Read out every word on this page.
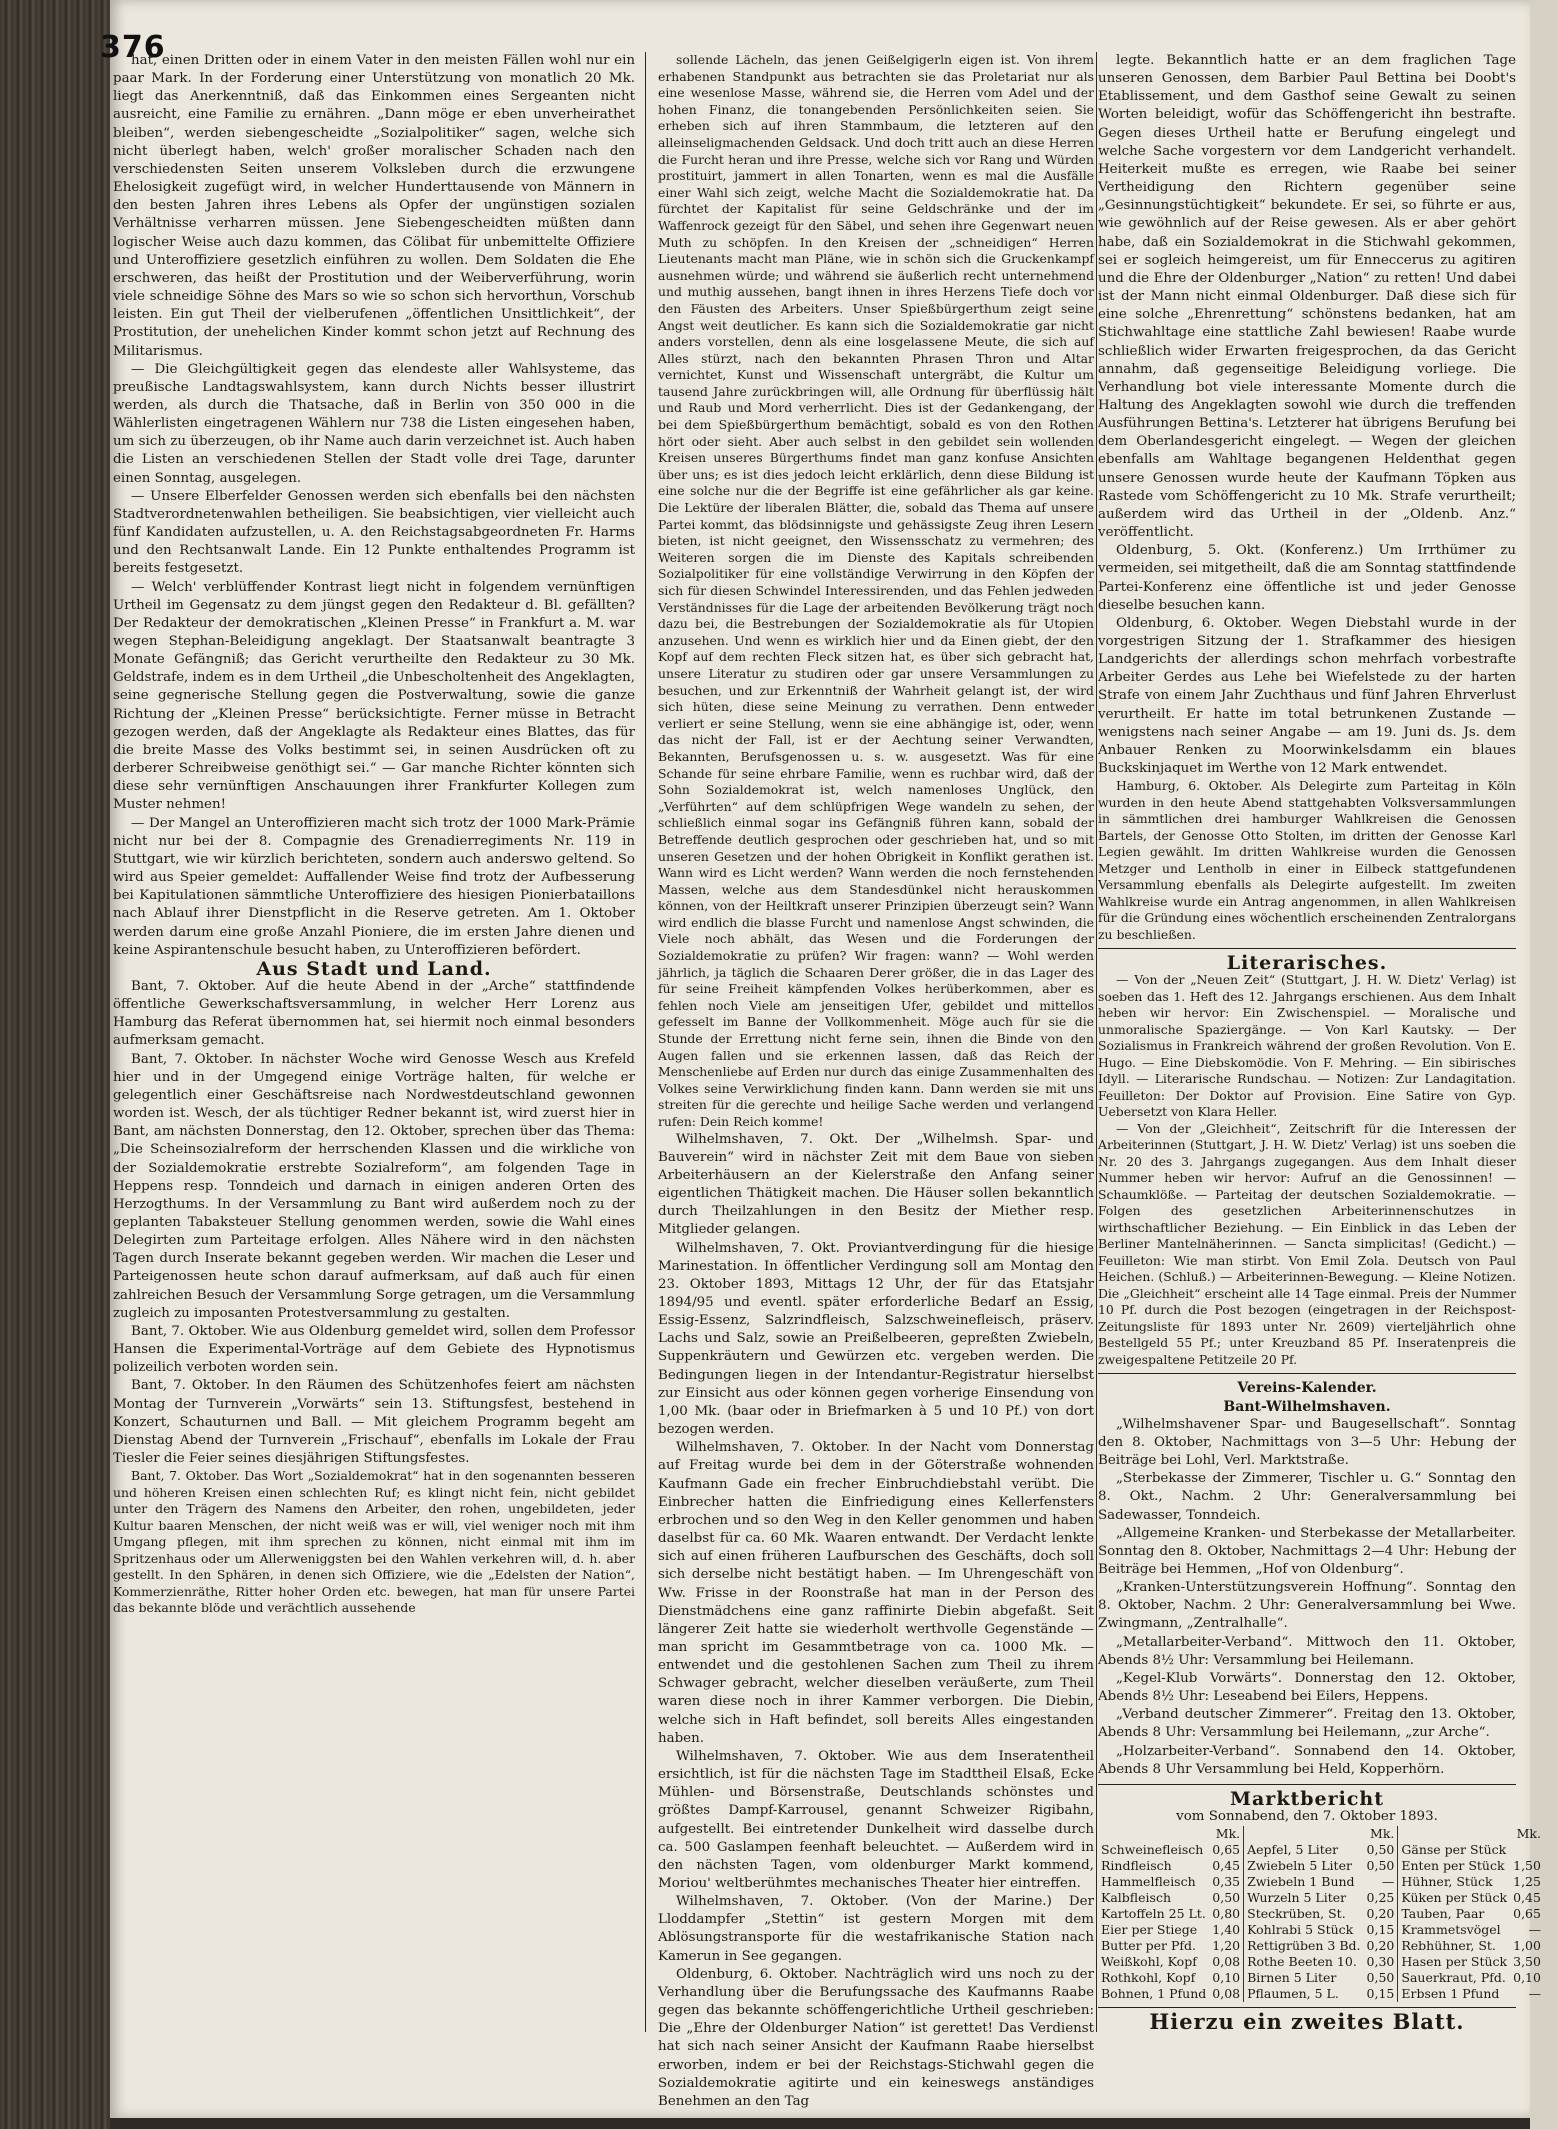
376

hat, einen Dritten oder in einem Vater in den meisten Fällen wohl nur ein paar Mark. In der Forderung einer Unterstützung von monatlich 20 Mk. liegt das Anerkenntniß, daß das Einkommen eines Sergeanten nicht ausreicht, eine Familie zu ernähren. „Dann möge er eben unverheirathet bleiben“, werden siebengescheidte „Sozialpolitiker“ sagen, welche sich nicht überlegt haben, welch' großer moralischer Schaden nach den verschiedensten Seiten unserem Volksleben durch die erzwungene Ehelosigkeit zugefügt wird, in welcher Hunderttausende von Männern in den besten Jahren ihres Lebens als Opfer der ungünstigen sozialen Verhältnisse verharren müssen. Jene Siebengescheidten müßten dann logischer Weise auch dazu kommen, das Cölibat für unbemittelte Offiziere und Unteroffiziere gesetzlich einführen zu wollen. Dem Soldaten die Ehe erschweren, das heißt der Prostitution und der Weiberverführung, worin viele schneidige Söhne des Mars so wie so schon sich hervorthun, Vorschub leisten. Ein gut Theil der vielberufenen „öffentlichen Unsittlichkeit“, der Prostitution, der unehelichen Kinder kommt schon jetzt auf Rechnung des Militarismus.

— Die Gleichgültigkeit gegen das elendeste aller Wahlsysteme, das preußische Landtagswahlsystem, kann durch Nichts besser illustrirt werden, als durch die Thatsache, daß in Berlin von 350 000 in die Wählerlisten eingetragenen Wählern nur 738 die Listen eingesehen haben, um sich zu überzeugen, ob ihr Name auch darin verzeichnet ist. Auch haben die Listen an verschiedenen Stellen der Stadt volle drei Tage, darunter einen Sonntag, ausgelegen.

— Unsere Elberfelder Genossen werden sich ebenfalls bei den nächsten Stadtverordnetenwahlen betheiligen. Sie beabsichtigen, vier vielleicht auch fünf Kandidaten aufzustellen, u. A. den Reichstagsabgeordneten Fr. Harms und den Rechtsanwalt Lande. Ein 12 Punkte enthaltendes Programm ist bereits festgesetzt.

— Welch' verblüffender Kontrast liegt nicht in folgendem vernünftigen Urtheil im Gegensatz zu dem jüngst gegen den Redakteur d. Bl. gefällten? Der Redakteur der demokratischen „Kleinen Presse“ in Frankfurt a. M. war wegen Stephan-Beleidigung angeklagt. Der Staatsanwalt beantragte 3 Monate Gefängniß; das Gericht verurtheilte den Redakteur zu 30 Mk. Geldstrafe, indem es in dem Urtheil „die Unbescholtenheit des Angeklagten, seine gegnerische Stellung gegen die Postverwaltung, sowie die ganze Richtung der „Kleinen Presse“ berücksichtigte. Ferner müsse in Betracht gezogen werden, daß der Angeklagte als Redakteur eines Blattes, das für die breite Masse des Volks bestimmt sei, in seinen Ausdrücken oft zu derberer Schreibweise genöthigt sei.“ — Gar manche Richter könnten sich diese sehr vernünftigen Anschauungen ihrer Frankfurter Kollegen zum Muster nehmen!

— Der Mangel an Unteroffizieren macht sich trotz der 1000 Mark-Prämie nicht nur bei der 8. Compagnie des Grenadierregiments Nr. 119 in Stuttgart, wie wir kürzlich berichteten, sondern auch anderswo geltend. So wird aus Speier gemeldet: Auffallender Weise find trotz der Aufbesserung bei Kapitulationen sämmtliche Unteroffiziere des hiesigen Pionierbataillons nach Ablauf ihrer Dienstpflicht in die Reserve getreten. Am 1. Oktober werden darum eine große Anzahl Pioniere, die im ersten Jahre dienen und keine Aspirantenschule besucht haben, zu Unteroffizieren befördert.

Aus Stadt und Land.

Bant, 7. Oktober. Auf die heute Abend in der „Arche“ stattfindende öffentliche Gewerkschaftsversammlung, in welcher Herr Lorenz aus Hamburg das Referat übernommen hat, sei hiermit noch einmal besonders aufmerksam gemacht.

Bant, 7. Oktober. In nächster Woche wird Genosse Wesch aus Krefeld hier und in der Umgegend einige Vorträge halten, für welche er gelegentlich einer Geschäftsreise nach Nordwestdeutschland gewonnen worden ist. Wesch, der als tüchtiger Redner bekannt ist, wird zuerst hier in Bant, am nächsten Donnerstag, den 12. Oktober, sprechen über das Thema: „Die Scheinsozialreform der herrschenden Klassen und die wirkliche von der Sozialdemokratie erstrebte Sozialreform“, am folgenden Tage in Heppens resp. Tonndeich und darnach in einigen anderen Orten des Herzogthums. In der Versammlung zu Bant wird außerdem noch zu der geplanten Tabaksteuer Stellung genommen werden, sowie die Wahl eines Delegirten zum Parteitage erfolgen. Alles Nähere wird in den nächsten Tagen durch Inserate bekannt gegeben werden. Wir machen die Leser und Parteigenossen heute schon darauf aufmerksam, auf daß auch für einen zahlreichen Besuch der Versammlung Sorge getragen, um die Versammlung zugleich zu imposanten Protestversammlung zu gestalten.

Bant, 7. Oktober. Wie aus Oldenburg gemeldet wird, sollen dem Professor Hansen die Experimental-Vorträge auf dem Gebiete des Hypnotismus polizeilich verboten worden sein.

Bant, 7. Oktober. In den Räumen des Schützenhofes feiert am nächsten Montag der Turnverein „Vorwärts“ sein 13. Stiftungsfest, bestehend in Konzert, Schauturnen und Ball. — Mit gleichem Programm begeht am Dienstag Abend der Turnverein „Frischauf“, ebenfalls im Lokale der Frau Tiesler die Feier seines diesjährigen Stiftungsfestes.

Bant, 7. Oktober. Das Wort „Sozialdemokrat“ hat in den sogenannten besseren und höheren Kreisen einen schlechten Ruf; es klingt nicht fein, nicht gebildet unter den Trägern des Namens den Arbeiter, den rohen, ungebildeten, jeder Kultur baaren Menschen, der nicht weiß was er will, viel weniger noch mit ihm Umgang pflegen, mit ihm sprechen zu können, nicht einmal mit ihm im Spritzenhaus oder um Allerweniggsten bei den Wahlen verkehren will, d. h. aber gestellt. In den Sphären, in denen sich Offiziere, wie die „Edelsten der Nation“, Kommerzienräthe, Ritter hoher Orden etc. bewegen, hat man für unsere Partei das bekannte blöde und verächtlich aussehende

sollende Lächeln, das jenen Geißelgigerln eigen ist. Von ihrem erhabenen Standpunkt aus betrachten sie das Proletariat nur als eine wesenlose Masse, während sie, die Herren vom Adel und der hohen Finanz, die tonangebenden Persönlichkeiten seien. Sie erheben sich auf ihren Stammbaum, die letzteren auf den alleinseligmachenden Geldsack. Und doch tritt auch an diese Herren die Furcht heran und ihre Presse, welche sich vor Rang und Würden prostituirt, jammert in allen Tonarten, wenn es mal die Ausfälle einer Wahl sich zeigt, welche Macht die Sozialdemokratie hat. Da fürchtet der Kapitalist für seine Geldschränke und der im Waffenrock gezeigt für den Säbel, und sehen ihre Gegenwart neuen Muth zu schöpfen. In den Kreisen der „schneidigen“ Herren Lieutenants macht man Pläne, wie in schön sich die Gruckenkampf ausnehmen würde; und während sie äußerlich recht unternehmend und muthig aussehen, bangt ihnen in ihres Herzens Tiefe doch vor den Fäusten des Arbeiters. Unser Spießbürgerthum zeigt seine Angst weit deutlicher. Es kann sich die Sozialdemokratie gar nicht anders vorstellen, denn als eine losgelassene Meute, die sich auf Alles stürzt, nach den bekannten Phrasen Thron und Altar vernichtet, Kunst und Wissenschaft untergräbt, die Kultur um tausend Jahre zurückbringen will, alle Ordnung für überflüssig hält und Raub und Mord verherrlicht. Dies ist der Gedankengang, der bei dem Spießbürgerthum bemächtigt, sobald es von den Rothen hört oder sieht. Aber auch selbst in den gebildet sein wollenden Kreisen unseres Bürgerthums findet man ganz konfuse Ansichten über uns; es ist dies jedoch leicht erklärlich, denn diese Bildung ist eine solche nur die der Begriffe ist eine gefährlicher als gar keine. Die Lektüre der liberalen Blätter, die, sobald das Thema auf unsere Partei kommt, das blödsinnigste und gehässigste Zeug ihren Lesern bieten, ist nicht geeignet, den Wissensschatz zu vermehren; des Weiteren sorgen die im Dienste des Kapitals schreibenden Sozialpolitiker für eine vollständige Verwirrung in den Köpfen der sich für diesen Schwindel Interessirenden, und das Fehlen jedweden Verständnisses für die Lage der arbeitenden Bevölkerung trägt noch dazu bei, die Bestrebungen der Sozialdemokratie als für Utopien anzusehen. Und wenn es wirklich hier und da Einen giebt, der den Kopf auf dem rechten Fleck sitzen hat, es über sich gebracht hat, unsere Literatur zu studiren oder gar unsere Versammlungen zu besuchen, und zur Erkenntniß der Wahrheit gelangt ist, der wird sich hüten, diese seine Meinung zu verrathen. Denn entweder verliert er seine Stellung, wenn sie eine abhängige ist, oder, wenn das nicht der Fall, ist er der Aechtung seiner Verwandten, Bekannten, Berufsgenossen u. s. w. ausgesetzt. Was für eine Schande für seine ehrbare Familie, wenn es ruchbar wird, daß der Sohn Sozialdemokrat ist, welch namenloses Unglück, den „Verführten“ auf dem schlüpfrigen Wege wandeln zu sehen, der schließlich einmal sogar ins Gefängniß führen kann, sobald der Betreffende deutlich gesprochen oder geschrieben hat, und so mit unseren Gesetzen und der hohen Obrigkeit in Konflikt gerathen ist. Wann wird es Licht werden? Wann werden die noch fernstehenden Massen, welche aus dem Standesdünkel nicht herauskommen können, von der Heiltkraft unserer Prinzipien überzeugt sein? Wann wird endlich die blasse Furcht und namenlose Angst schwinden, die Viele noch abhält, das Wesen und die Forderungen der Sozialdemokratie zu prüfen? Wir fragen: wann? — Wohl werden jährlich, ja täglich die Schaaren Derer größer, die in das Lager des für seine Freiheit kämpfenden Volkes herüberkommen, aber es fehlen noch Viele am jenseitigen Ufer, gebildet und mittellos gefesselt im Banne der Vollkommenheit. Möge auch für sie die Stunde der Errettung nicht ferne sein, ihnen die Binde von den Augen fallen und sie erkennen lassen, daß das Reich der Menschenliebe auf Erden nur durch das einige Zusammenhalten des Volkes seine Verwirklichung finden kann. Dann werden sie mit uns streiten für die gerechte und heilige Sache werden und verlangend rufen: Dein Reich komme!

Wilhelmshaven, 7. Okt. Der „Wilhelmsh. Spar- und Bauverein“ wird in nächster Zeit mit dem Baue von sieben Arbeiterhäusern an der Kielerstraße den Anfang seiner eigentlichen Thätigkeit machen. Die Häuser sollen bekanntlich durch Theilzahlungen in den Besitz der Miether resp. Mitglieder gelangen.

Wilhelmshaven, 7. Okt. Proviantverdingung für die hiesige Marinestation. In öffentlicher Verdingung soll am Montag den 23. Oktober 1893, Mittags 12 Uhr, der für das Etatsjahr 1894/95 und eventl. später erforderliche Bedarf an Essig, Essig-Essenz, Salzrindfleisch, Salzschweinefleisch, präserv. Lachs und Salz, sowie an Preißelbeeren, gepreßten Zwiebeln, Suppenkräutern und Gewürzen etc. vergeben werden. Die Bedingungen liegen in der Intendantur-Registratur hierselbst zur Einsicht aus oder können gegen vorherige Einsendung von 1,00 Mk. (baar oder in Briefmarken à 5 und 10 Pf.) von dort bezogen werden.

Wilhelmshaven, 7. Oktober. In der Nacht vom Donnerstag auf Freitag wurde bei dem in der Göterstraße wohnenden Kaufmann Gade ein frecher Einbruchdiebstahl verübt. Die Einbrecher hatten die Einfriedigung eines Kellerfensters erbrochen und so den Weg in den Keller genommen und haben daselbst für ca. 60 Mk. Waaren entwandt. Der Verdacht lenkte sich auf einen früheren Laufburschen des Geschäfts, doch soll sich derselbe nicht bestätigt haben. — Im Uhrengeschäft von Ww. Frisse in der Roonstraße hat man in der Person des Dienstmädchens eine ganz raffinirte Diebin abgefaßt. Seit längerer Zeit hatte sie wiederholt werthvolle Gegenstände — man spricht im Gesammtbetrage von ca. 1000 Mk. — entwendet und die gestohlenen Sachen zum Theil zu ihrem Schwager gebracht, welcher dieselben veräußerte, zum Theil waren diese noch in ihrer Kammer verborgen. Die Diebin, welche sich in Haft befindet, soll bereits Alles eingestanden haben.

Wilhelmshaven, 7. Oktober. Wie aus dem Inseratentheil ersichtlich, ist für die nächsten Tage im Stadttheil Elsaß, Ecke Mühlen- und Börsenstraße, Deutschlands schönstes und größtes Dampf-Karrousel, genannt Schweizer Rigibahn, aufgestellt. Bei eintretender Dunkelheit wird dasselbe durch ca. 500 Gaslampen feenhaft beleuchtet. — Außerdem wird in den nächsten Tagen, vom oldenburger Markt kommend, Moriou' weltberühmtes mechanisches Theater hier eintreffen.

Wilhelmshaven, 7. Oktober. (Von der Marine.) Der Lloddampfer „Stettin“ ist gestern Morgen mit dem Ablösungstransporte für die westafrikanische Station nach Kamerun in See gegangen.

Oldenburg, 6. Oktober. Nachträglich wird uns noch zu der Verhandlung über die Berufungssache des Kaufmanns Raabe gegen das bekannte schöffengerichtliche Urtheil geschrieben: Die „Ehre der Oldenburger Nation“ ist gerettet! Das Verdienst hat sich nach seiner Ansicht der Kaufmann Raabe hierselbst erworben, indem er bei der Reichstags-Stichwahl gegen die Sozialdemokratie agitirte und ein keineswegs anständiges Benehmen an den Tag

legte. Bekanntlich hatte er an dem fraglichen Tage unseren Genossen, dem Barbier Paul Bettina bei Doobt's Etablissement, und dem Gasthof seine Gewalt zu seinen Worten beleidigt, wofür das Schöffengericht ihn bestrafte. Gegen dieses Urtheil hatte er Berufung eingelegt und welche Sache vorgestern vor dem Landgericht verhandelt. Heiterkeit mußte es erregen, wie Raabe bei seiner Vertheidigung den Richtern gegenüber seine „Gesinnungstüchtigkeit“ bekundete. Er sei, so führte er aus, wie gewöhnlich auf der Reise gewesen. Als er aber gehört habe, daß ein Sozialdemokrat in die Stichwahl gekommen, sei er sogleich heimgereist, um für Enneccerus zu agitiren und die Ehre der Oldenburger „Nation“ zu retten! Und dabei ist der Mann nicht einmal Oldenburger. Daß diese sich für eine solche „Ehrenrettung“ schönstens bedanken, hat am Stichwahltage eine stattliche Zahl bewiesen! Raabe wurde schließlich wider Erwarten freigesprochen, da das Gericht annahm, daß gegenseitige Beleidigung vorliege. Die Verhandlung bot viele interessante Momente durch die Haltung des Angeklagten sowohl wie durch die treffenden Ausführungen Bettina's. Letzterer hat übrigens Berufung bei dem Oberlandesgericht eingelegt. — Wegen der gleichen ebenfalls am Wahltage begangenen Heldenthat gegen unsere Genossen wurde heute der Kaufmann Töpken aus Rastede vom Schöffengericht zu 10 Mk. Strafe verurtheilt; außerdem wird das Urtheil in der „Oldenb. Anz.“ veröffentlicht.

Oldenburg, 5. Okt. (Konferenz.) Um Irrthümer zu vermeiden, sei mitgetheilt, daß die am Sonntag stattfindende Partei-Konferenz eine öffentliche ist und jeder Genosse dieselbe besuchen kann.

Oldenburg, 6. Oktober. Wegen Diebstahl wurde in der vorgestrigen Sitzung der 1. Strafkammer des hiesigen Landgerichts der allerdings schon mehrfach vorbestrafte Arbeiter Gerdes aus Lehe bei Wiefelstede zu der harten Strafe von einem Jahr Zuchthaus und fünf Jahren Ehrverlust verurtheilt. Er hatte im total betrunkenen Zustande — wenigstens nach seiner Angabe — am 19. Juni ds. Js. dem Anbauer Renken zu Moorwinkelsdamm ein blaues Buckskinjaquet im Werthe von 12 Mark entwendet.

Hamburg, 6. Oktober. Als Delegirte zum Parteitag in Köln wurden in den heute Abend stattgehabten Volksversammlungen in sämmtlichen drei hamburger Wahlkreisen die Genossen Bartels, der Genosse Otto Stolten, im dritten der Genosse Karl Legien gewählt. Im dritten Wahlkreise wurden die Genossen Metzger und Lentholb in einer in Eilbeck stattgefundenen Versammlung ebenfalls als Delegirte aufgestellt. Im zweiten Wahlkreise wurde ein Antrag angenommen, in allen Wahlkreisen für die Gründung eines wöchentlich erscheinenden Zentralorgans zu beschließen.

Literarisches.

— Von der „Neuen Zeit“ (Stuttgart, J. H. W. Dietz' Verlag) ist soeben das 1. Heft des 12. Jahrgangs erschienen. Aus dem Inhalt heben wir hervor: Ein Zwischenspiel. — Moralische und unmoralische Spaziergänge. — Von Karl Kautsky. — Der Sozialismus in Frankreich während der großen Revolution. Von E. Hugo. — Eine Diebskomödie. Von F. Mehring. — Ein sibirisches Idyll. — Literarische Rundschau. — Notizen: Zur Landagitation. Feuilleton: Der Doktor auf Provision. Eine Satire von Gyp. Uebersetzt von Klara Heller.

— Von der „Gleichheit“, Zeitschrift für die Interessen der Arbeiterinnen (Stuttgart, J. H. W. Dietz' Verlag) ist uns soeben die Nr. 20 des 3. Jahrgangs zugegangen. Aus dem Inhalt dieser Nummer heben wir hervor: Aufruf an die Genossinnen! — Schaumklöße. — Parteitag der deutschen Sozialdemokratie. — Folgen des gesetzlichen Arbeiterinnenschutzes in wirthschaftlicher Beziehung. — Ein Einblick in das Leben der Berliner Mantelnäherinnen. — Sancta simplicitas! (Gedicht.) — Feuilleton: Wie man stirbt. Von Emil Zola. Deutsch von Paul Heichen. (Schluß.) — Arbeiterinnen-Bewegung. — Kleine Notizen. Die „Gleichheit“ erscheint alle 14 Tage einmal. Preis der Nummer 10 Pf. durch die Post bezogen (eingetragen in der Reichspost-Zeitungsliste für 1893 unter Nr. 2609) vierteljährlich ohne Bestellgeld 55 Pf.; unter Kreuzband 85 Pf. Inseratenpreis die zweigespaltene Petitzeile 20 Pf.

Vereins-Kalender.

Bant-Wilhelmshaven.

„Wilhelmshavener Spar- und Baugesellschaft“. Sonntag den 8. Oktober, Nachmittags von 3—5 Uhr: Hebung der Beiträge bei Lohl, Verl. Marktstraße.

„Sterbekasse der Zimmerer, Tischler u. G.“ Sonntag den 8. Okt., Nachm. 2 Uhr: Generalversammlung bei Sadewasser, Tonndeich.

„Allgemeine Kranken- und Sterbekasse der Metallarbeiter. Sonntag den 8. Oktober, Nachmittags 2—4 Uhr: Hebung der Beiträge bei Hemmen, „Hof von Oldenburg“.

„Kranken-Unterstützungsverein Hoffnung“. Sonntag den 8. Oktober, Nachm. 2 Uhr: Generalversammlung bei Wwe. Zwingmann, „Zentralhalle“.

„Metallarbeiter-Verband“. Mittwoch den 11. Oktober, Abends 8½ Uhr: Versammlung bei Heilemann.

„Kegel-Klub Vorwärts“. Donnerstag den 12. Oktober, Abends 8½ Uhr: Leseabend bei Eilers, Heppens.

„Verband deutscher Zimmerer“. Freitag den 13. Oktober, Abends 8 Uhr: Versammlung bei Heilemann, „zur Arche“.

„Holzarbeiter-Verband“. Sonnabend den 14. Oktober, Abends 8 Uhr Versammlung bei Held, Kopperhörn.

Marktbericht

vom Sonnabend, den 7. Oktober 1893.

	Mk.		Mk.		Mk.
Schweinefleisch	0,65	Aepfel, 5 Liter	0,50	Gänse per Stück	
Rindfleisch	0,45	Zwiebeln 5 Liter	0,50	Enten per Stück	1,50
Hammelfleisch	0,35	Zwiebeln 1 Bund	—	Hühner, Stück	1,25
Kalbfleisch	0,50	Wurzeln 5 Liter	0,25	Küken per Stück	0,45
Kartoffeln 25 Lt.	0,80	Steckrüben, St.	0,20	Tauben, Paar	0,65
Eier per Stiege	1,40	Kohlrabi 5 Stück	0,15	Krammetsvögel	—
Butter per Pfd.	1,20	Rettigrüben 3 Bd.	0,20	Rebhühner, St.	1,00
Weißkohl, Kopf	0,08	Rothe Beeten 10.	0,30	Hasen per Stück	3,50
Rothkohl, Kopf	0,10	Birnen 5 Liter	0,50	Sauerkraut, Pfd.	0,10
Bohnen, 1 Pfund	0,08	Pflaumen, 5 L.	0,15	Erbsen 1 Pfund	—

Hierzu ein zweites Blatt.
